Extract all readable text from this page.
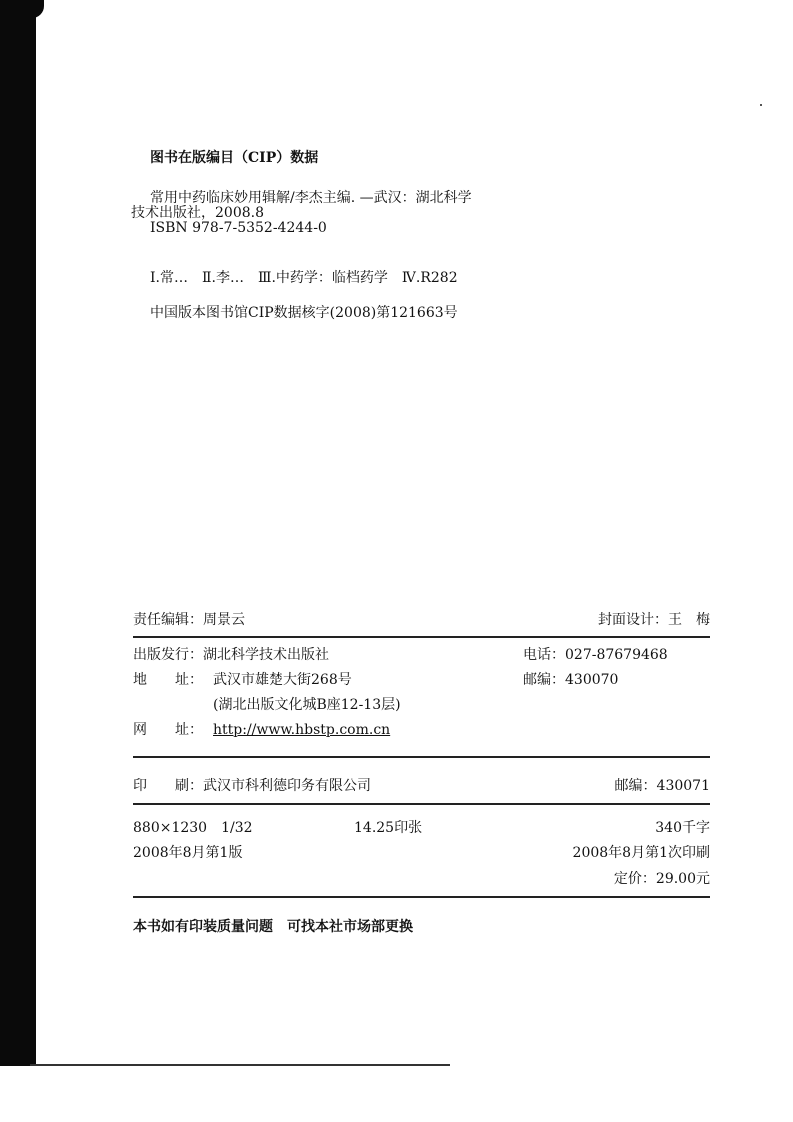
图书在版编目（CIP）数据
常用中药临床妙用辑解/李杰主编. —武汉：湖北科学
技术出版社，2008.8
ISBN 978-7-5352-4244-0
Ⅰ.常…　Ⅱ.李…　Ⅲ.中药学：临档药学　Ⅳ.R282
中国版本图书馆CIP数据核字(2008)第121663号
责任编辑：周景云	封面设计：王　梅
出版发行：湖北科学技术出版社	电话：027-87679468
地　　址： 武汉市雄楚大街268号	邮编：430070
(湖北出版文化城B座12-13层)
网　　址： http://www.hbstp.com.cn
印　　刷：武汉市科利德印务有限公司	邮编：430071
880×1230　1/32	14.25印张	340千字
2008年8月第1版	2008年8月第1次印刷
定价：29.00元
本书如有印装质量问题　可找本社市场部更换
